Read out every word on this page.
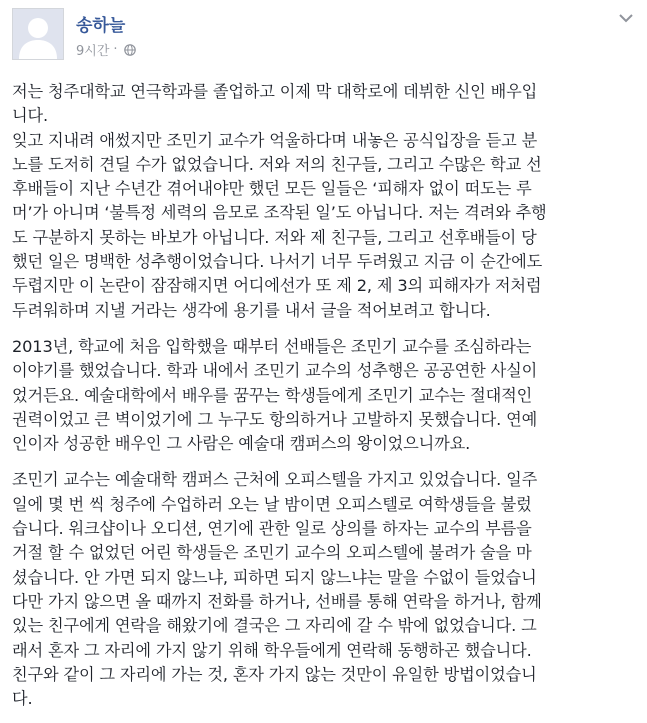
송하늘
9시간 ·
저는 청주대학교 연극학과를 졸업하고 이제 막 대학로에 데뷔한 신인 배우입
니다.
잊고 지내려 애썼지만 조민기 교수가 억울하다며 내놓은 공식입장을 듣고 분
노를 도저히 견딜 수가 없었습니다. 저와 저의 친구들, 그리고 수많은 학교 선
후배들이 지난 수년간 겪어내야만 했던 모든 일들은 ‘피해자 없이 떠도는 루
머’가 아니며 ‘불특정 세력의 음모로 조작된 일’도 아닙니다. 저는 격려와 추행
도 구분하지 못하는 바보가 아닙니다. 저와 제 친구들, 그리고 선후배들이 당
했던 일은 명백한 성추행이었습니다. 나서기 너무 두려웠고 지금 이 순간에도
두렵지만 이 논란이 잠잠해지면 어디에선가 또 제 2, 제 3의 피해자가 저처럼
두려워하며 지낼 거라는 생각에 용기를 내서 글을 적어보려고 합니다.
2013년, 학교에 처음 입학했을 때부터 선배들은 조민기 교수를 조심하라는
이야기를 했었습니다. 학과 내에서 조민기 교수의 성추행은 공공연한 사실이
었거든요. 예술대학에서 배우를 꿈꾸는 학생들에게 조민기 교수는 절대적인
권력이었고 큰 벽이었기에 그 누구도 항의하거나 고발하지 못했습니다. 연예
인이자 성공한 배우인 그 사람은 예술대 캠퍼스의 왕이었으니까요.
조민기 교수는 예술대학 캠퍼스 근처에 오피스텔을 가지고 있었습니다. 일주
일에 몇 번 씩 청주에 수업하러 오는 날 밤이면 오피스텔로 여학생들을 불렀
습니다. 워크샵이나 오디션, 연기에 관한 일로 상의를 하자는 교수의 부름을
거절 할 수 없었던 어린 학생들은 조민기 교수의 오피스텔에 불려가 술을 마
셨습니다. 안 가면 되지 않느냐, 피하면 되지 않느냐는 말을 수없이 들었습니
다만 가지 않으면 올 때까지 전화를 하거나, 선배를 통해 연락을 하거나, 함께
있는 친구에게 연락을 해왔기에 결국은 그 자리에 갈 수 밖에 없었습니다. 그
래서 혼자 그 자리에 가지 않기 위해 학우들에게 연락해 동행하곤 했습니다.
친구와 같이 그 자리에 가는 것, 혼자 가지 않는 것만이 유일한 방법이었습니
다.
